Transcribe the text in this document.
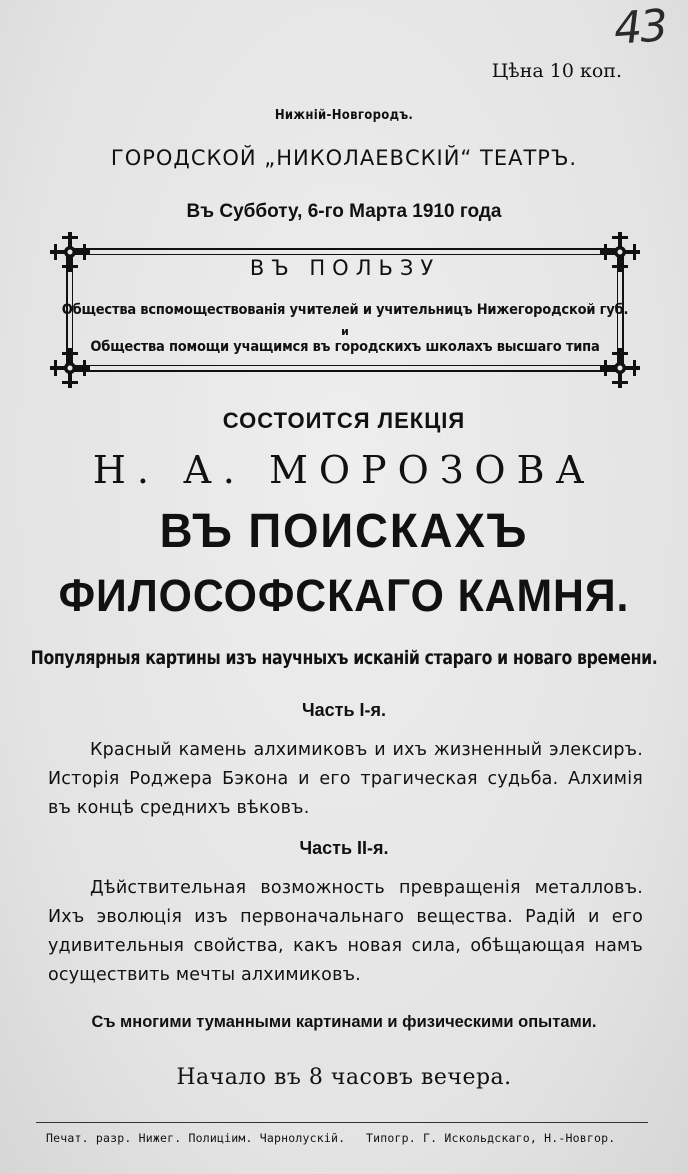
43
Цѣна 10 коп.
Нижній-Новгородъ.
ГОРОДСКОЙ „НИКОЛАЕВСКІЙ“ ТЕАТРЪ.
Въ Субботу, 6-го Марта 1910 года
ВЪ ПОЛЬЗУ
Общества вспомоществованія учителей и учительницъ Нижегородской губ.
и
Общества помощи учащимся въ городскихъ школахъ высшаго типа
СОСТОИТСЯ ЛЕКЦІЯ
Н. А. МОРОЗОВА
ВЪ ПОИСКАХЪ
ФИЛОСОФСКАГО КАМНЯ.
Популярныя картины изъ научныхъ исканій стараго и новаго времени.
Часть I-я.
Красный камень алхимиковъ и ихъ жизненный элексиръ. Исторія Роджера Бэкона и его трагическая судьба. Алхимія въ концѣ среднихъ вѣковъ.
Часть II-я.
Дѣйствительная возможность превращенія металловъ. Ихъ эволюція изъ первоначальнаго вещества. Радій и его удивительныя свойства, какъ новая сила, обѣщающая намъ осуществить мечты алхимиковъ.
Съ многими туманными картинами и физическими опытами.
Начало въ 8 часовъ вечера.
Печат. разр. Нижег. Полиціим. Чарнолускій. Типогр. Г. Искольдскаго, Н.-Новгор.
